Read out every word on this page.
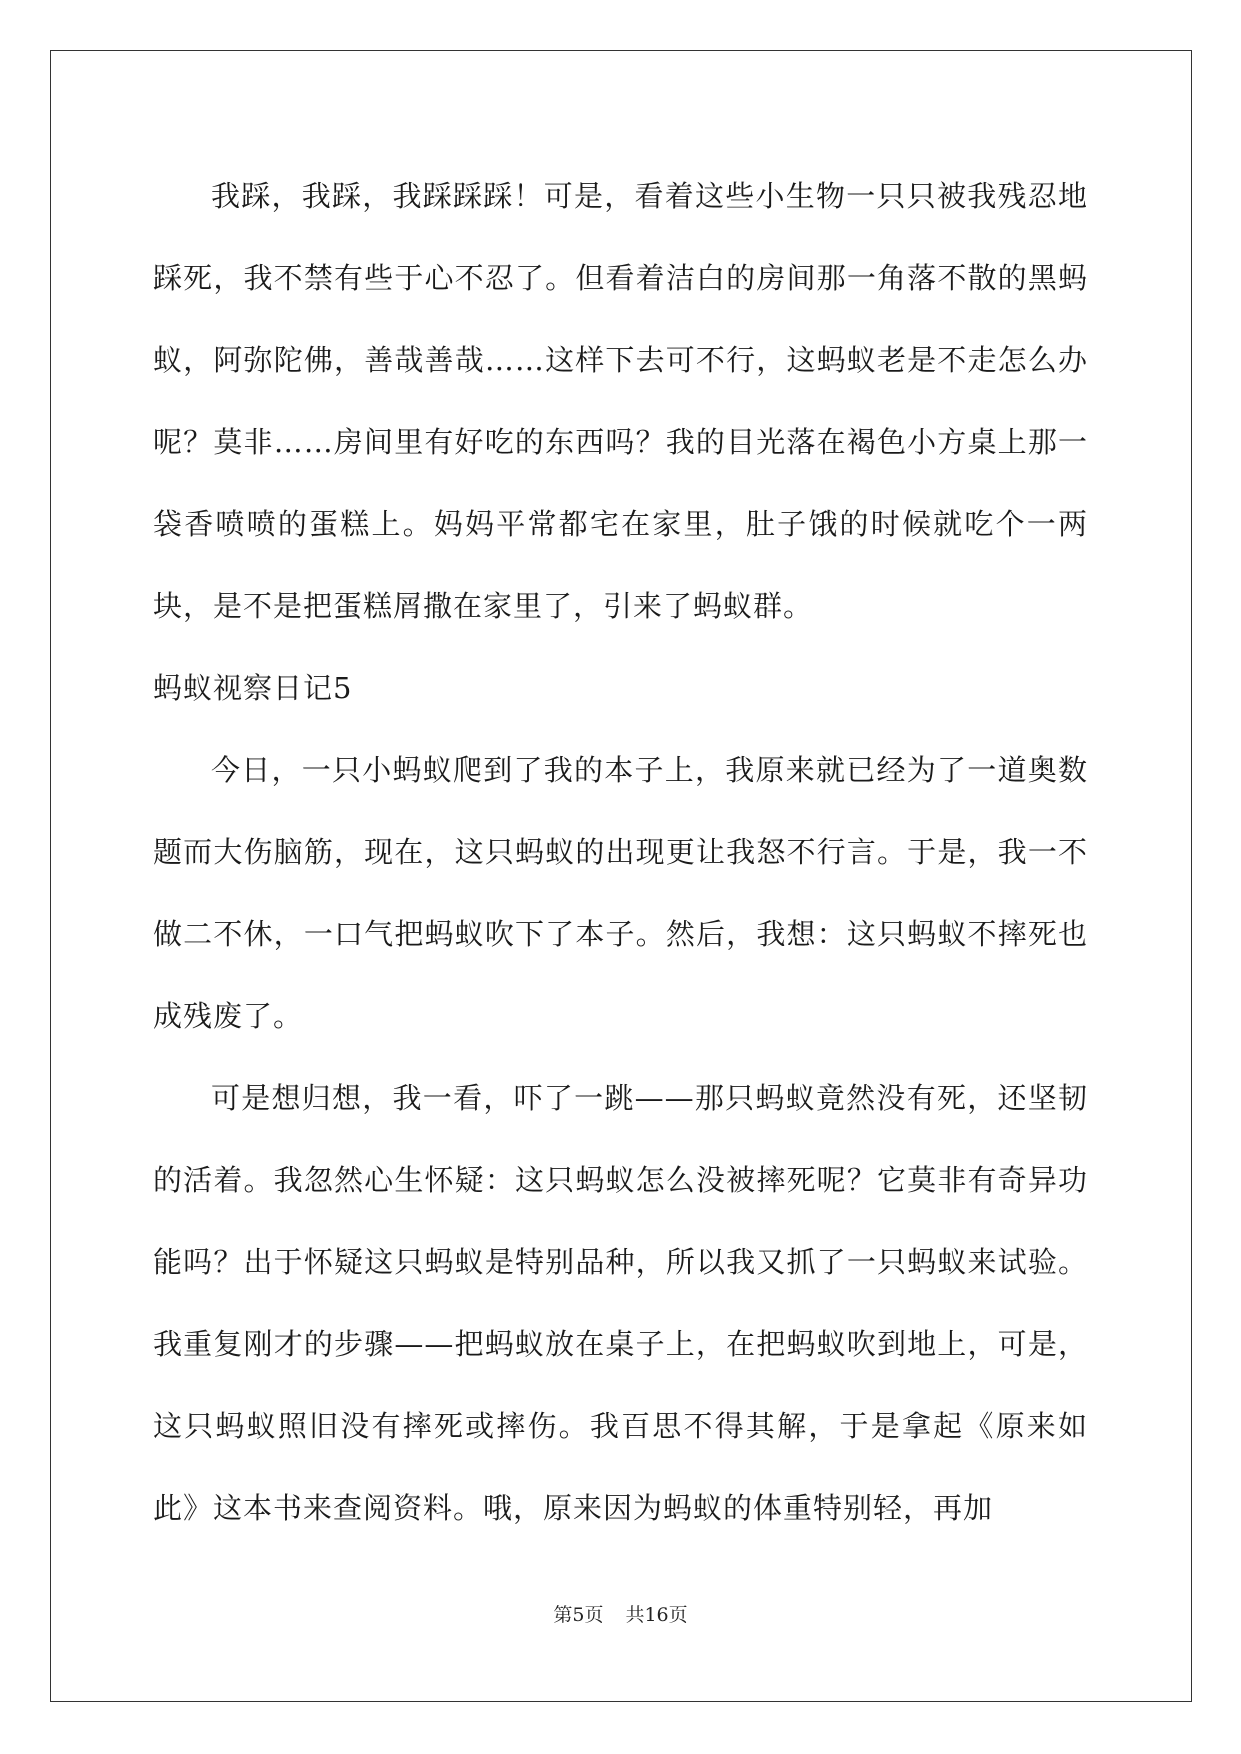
我踩，我踩，我踩踩踩！可是，看着这些小生物一只只被我残忍地踩死，我不禁有些于心不忍了。但看着洁白的房间那一角落不散的黑蚂蚁，阿弥陀佛，善哉善哉……这样下去可不行，这蚂蚁老是不走怎么办呢？莫非……房间里有好吃的东西吗？我的目光落在褐色小方桌上那一袋香喷喷的蛋糕上。妈妈平常都宅在家里，肚子饿的时候就吃个一两块，是不是把蛋糕屑撒在家里了，引来了蚂蚁群。

蚂蚁视察日记5

今日，一只小蚂蚁爬到了我的本子上，我原来就已经为了一道奥数题而大伤脑筋，现在，这只蚂蚁的出现更让我怒不行言。于是，我一不做二不休，一口气把蚂蚁吹下了本子。然后，我想：这只蚂蚁不摔死也成残废了。

可是想归想，我一看，吓了一跳——那只蚂蚁竟然没有死，还坚韧的活着。我忽然心生怀疑：这只蚂蚁怎么没被摔死呢？它莫非有奇异功能吗？出于怀疑这只蚂蚁是特别品种，所以我又抓了一只蚂蚁来试验。我重复刚才的步骤——把蚂蚁放在桌子上，在把蚂蚁吹到地上，可是，这只蚂蚁照旧没有摔死或摔伤。我百思不得其解，于是拿起《原来如此》这本书来查阅资料。哦，原来因为蚂蚁的体重特别轻，再加

第5页 共16页
